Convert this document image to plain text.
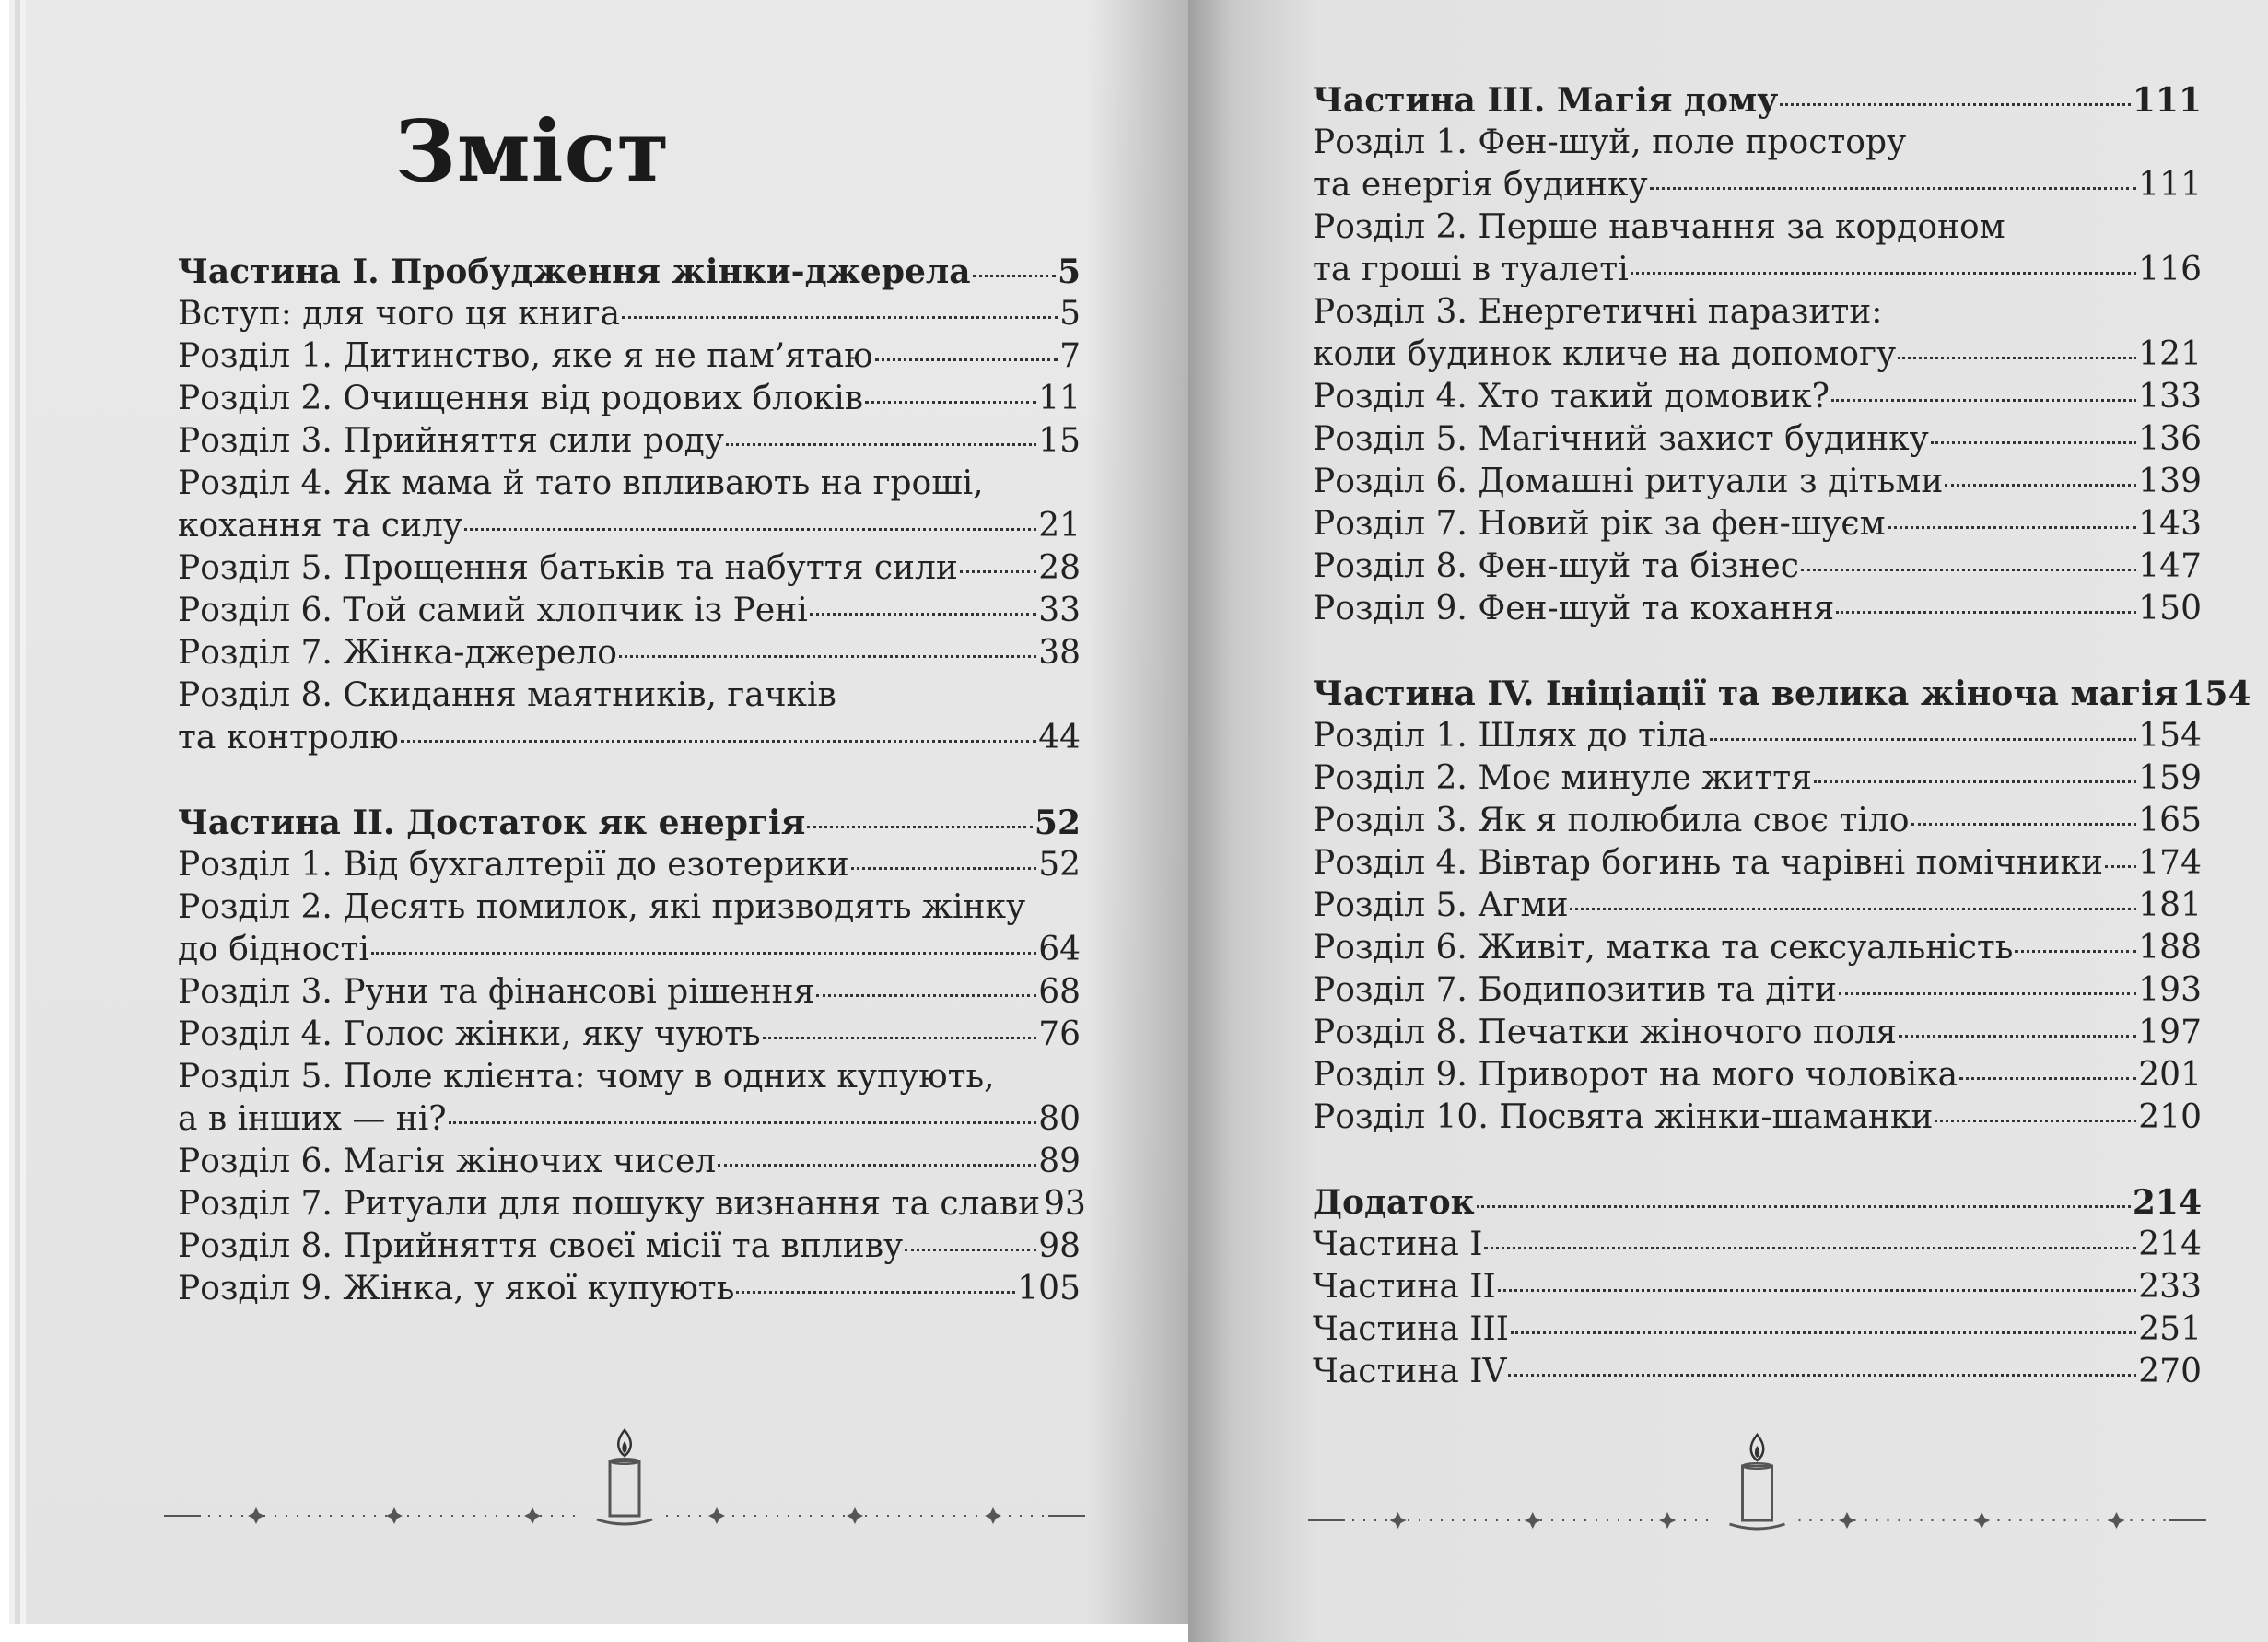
Зміст
Частина I. Пробудження жінки-джерела	5
Вступ: для чого ця книга	5
Розділ 1. Дитинство, яке я не пам’ятаю	7
Розділ 2. Очищення від родових блоків	11
Розділ 3. Прийняття сили роду	15
Розділ 4. Як мама й тато впливають на гроші,
кохання та силу	21
Розділ 5. Прощення батьків та набуття сили 28
Розділ 6. Той самий хлопчик із Рені	33
Розділ 7. Жінка-джерело	38
Розділ 8. Скидання маятників, гачків
та контролю	44
Частина II. Достаток як енергія	52
Розділ 1. Від бухгалтерії до езотерики	52
Розділ 2. Десять помилок, які призводять жінку
до бідності	64
Розділ 3. Руни та фінансові рішення	68
Розділ 4. Голос жінки, яку чують	76
Розділ 5. Поле клієнта: чому в одних купують,
а в інших — ні?	80
Розділ 6. Магія жіночих чисел	89
Розділ 7. Ритуали для пошуку визнання та слави 93
Розділ 8. Прийняття своєї місії та впливу	98
Розділ 9. Жінка, у якої купують	105
Частина III. Магія дому	111
Розділ 1. Фен-шуй, поле простору
та енергія будинку	111
Розділ 2. Перше навчання за кордоном
та гроші в туалеті	116
Розділ 3. Енергетичні паразити:
коли будинок кличе на допомогу	121
Розділ 4. Хто такий домовик?	133
Розділ 5. Магічний захист будинку	136
Розділ 6. Домашні ритуали з дітьми	139
Розділ 7. Новий рік за фен-шуєм	143
Розділ 8. Фен-шуй та бізнес	147
Розділ 9. Фен-шуй та кохання	150
Частина IV. Ініціації та велика жіноча магія 154
Розділ 1. Шлях до тіла	154
Розділ 2. Моє минуле життя	159
Розділ 3. Як я полюбила своє тіло	165
Розділ 4. Вівтар богинь та чарівні помічники 174
Розділ 5. Агми	181
Розділ 6. Живіт, матка та сексуальність	188
Розділ 7. Бодипозитив та діти	193
Розділ 8. Печатки жіночого поля	197
Розділ 9. Приворот на мого чоловіка	201
Розділ 10. Посвята жінки-шаманки	210
Додаток	214
Частина I	214
Частина II	233
Частина III	251
Частина IV	270
